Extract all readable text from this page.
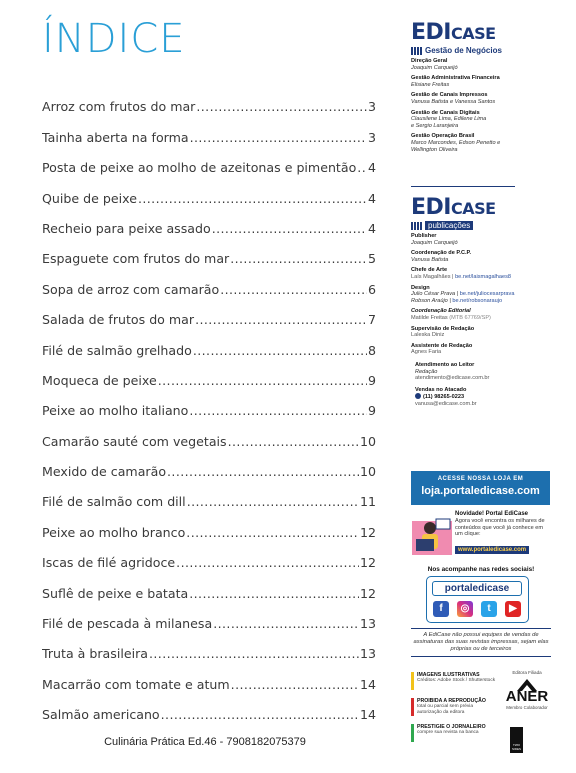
ÍNDICE
Arroz com frutos do mar .....	3
Tainha aberta na forma .....	3
Posta de peixe ao molho de azeitonas e pimentão ..... 4
Quibe de peixe .....	4
Recheio para peixe assado .....	4
Espaguete com frutos do mar .....	5
Sopa de arroz com camarão .....	6
Salada de frutos do mar .....	7
Filé de salmão grelhado .....	8
Moqueca de peixe .....	9
Peixe ao molho italiano .....	9
Camarão sauté com vegetais .....	10
Mexido de camarão .....	10
Filé de salmão com dill .....	11
Peixe ao molho branco .....	12
Iscas de filé agridoce .....	12
Suflê de peixe e batata .....	12
Filé de pescada à milanesa .....	13
Truta à brasileira .....	13
Macarrão com tomate e atum .....	14
Salmão americano .....	14
Culinária Prática Ed.46 - 7908182075379
EDICASE
Gestão de Negócios
Direção Geral
Joaquim Carqueijó
Gestão Administrativa Financeira
Elisiane Freitas
Gestão de Canais Impressos
Vanusa Batista e Vanessa Santos
Gestão de Canais Digitais
Clausilene Lima, Edilene Lima
e Sergio Laranjeira
Gestão Operação Brasil
Marco Marcondes, Edson Penetto e
Wellington Oliveira
EDICASE
publicações
Publisher
Joaquim Carqueijó
Coordenação de P.C.P.
Vanusa Batista
Chefe de Arte
Laís Magalhães | be.net/laismagalhaes8
Design
Julio César Prava | be.net/juliocesarprava
Robson Araújo | be.net/robsonaraujo
Coordenação Editorial
Matilde Freitas (MTB 67769/SP)
Supervisão de Redação
Laleska Diniz
Assistente de Redação
Agnes Faria
Atendimento ao Leitor
Redação
atendimento@edicase.com.br
Vendas no Atacado
(11) 98265-0223
vanusa@edicase.com.br
ACESSE NOSSA LOJA EM
loja.portaledicase.com
Novidade! Portal EdiCase
Agora você encontra os milhares de conteúdos que você já conhece em um clique:
www.portaledicase.com
Nos acompanhe nas redes sociais!
portaledicase
f	◎	t	▶
A EdiCase não possui equipes de vendas de assinaturas das suas revistas impressas, sejam elas próprias ou de terceiros
IMAGENS ILUSTRATIVAS
Créditos: Adobe Stock / Shutterstock
PROIBIDA A REPRODUÇÃO
total ou parcial sem prévia autorização da editora
PRESTIGIE O JORNALEIRO
compre sua revista na banca
Editora Filiada
ANER
Membro Colaborador
TWO SIDES
